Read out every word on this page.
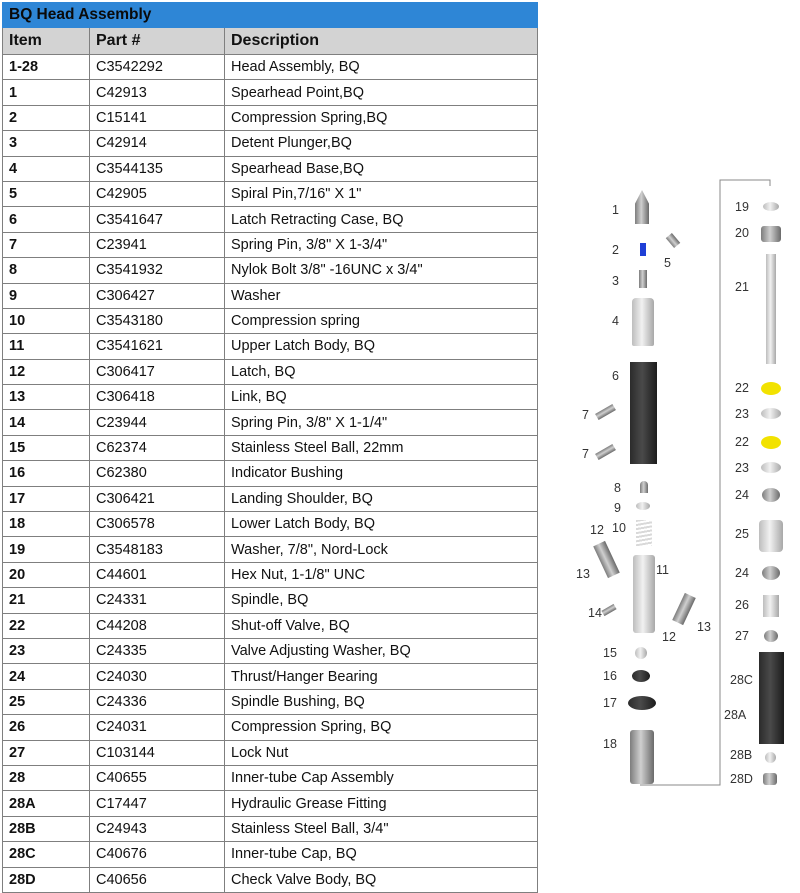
BQ Head Assembly		
Item	Part #	Description
1-28	C3542292	Head Assembly, BQ
1	C42913	Spearhead Point,BQ
2	C15141	Compression Spring,BQ
3	C42914	Detent Plunger,BQ
4	C3544135	Spearhead Base,BQ
5	C42905	Spiral Pin,7/16" X 1"
6	C3541647	Latch Retracting Case, BQ
7	C23941	Spring Pin, 3/8" X 1-3/4"
8	C3541932	Nylok Bolt 3/8" -16UNC x 3/4"
9	C306427	Washer
10	C3543180	Compression spring
11	C3541621	Upper Latch Body, BQ
12	C306417	Latch, BQ
13	C306418	Link, BQ
14	C23944	Spring Pin, 3/8" X 1-1/4"
15	C62374	Stainless Steel Ball, 22mm
16	C62380	Indicator Bushing
17	C306421	Landing Shoulder, BQ
18	C306578	Lower Latch Body, BQ
19	C3548183	Washer, 7/8", Nord-Lock
20	C44601	Hex Nut, 1-1/8" UNC
21	C24331	Spindle, BQ
22	C44208	Shut-off Valve, BQ
23	C24335	Valve Adjusting Washer, BQ
24	C24030	Thrust/Hanger Bearing
25	C24336	Spindle Bushing, BQ
26	C24031	Compression Spring, BQ
27	C103144	Lock Nut
28	C40655	Inner-tube Cap Assembly
28A	C17447	Hydraulic Grease Fitting
28B	C24943	Stainless Steel Ball, 3/4"
28C	C40676	Inner-tube Cap, BQ
28D	C40656	Check Valve Body, BQ
1
2
3
4
5
6
7
7
8
9
10
11
12
12
13
13
14
15
16
17
18
19
20
21
22
23
22
23
24
25
24
26
27
28C
28A
28B
28D
